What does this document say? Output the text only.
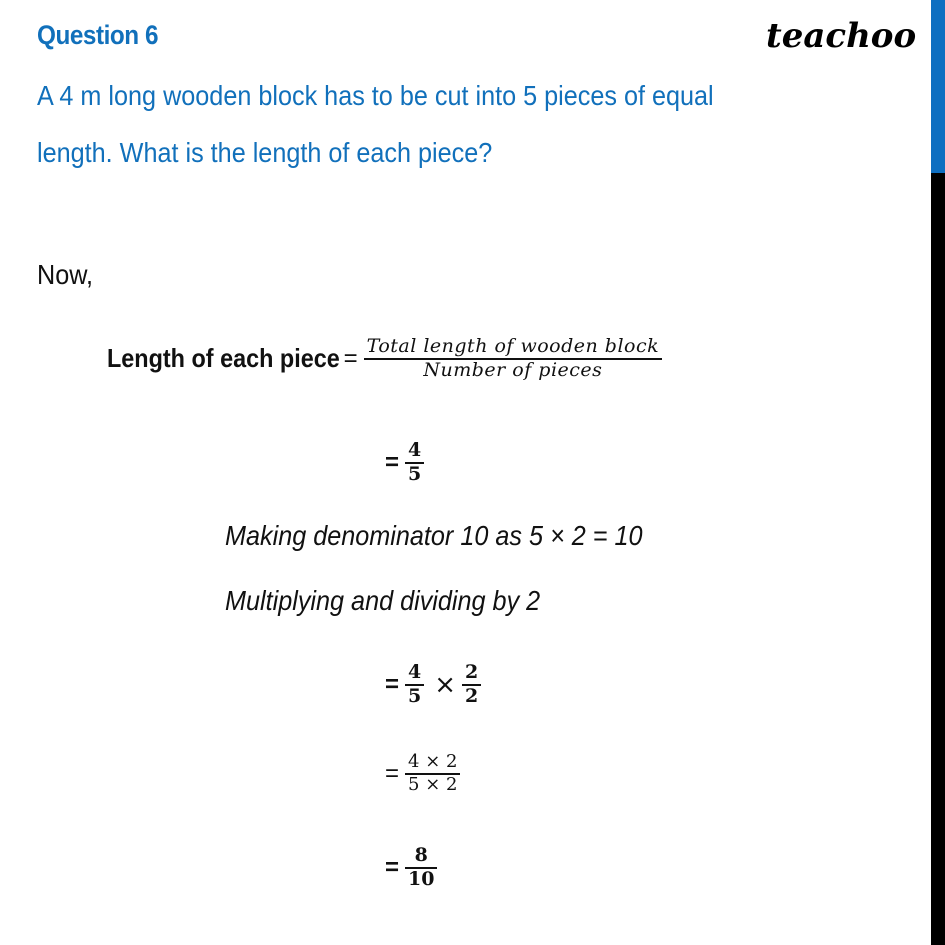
Question 6	teachoo
A 4 m long wooden block has to be cut into 5 pieces of equal
length. What is the length of each piece?
Now,
Length of each piece = $\frac{\text{Total length of wooden block}}{\text{Number of pieces}}$
= $\frac{4}{5}$
Making denominator 10 as 5 × 2 = 10
Multiplying and dividing by 2
= $\frac{4}{5} \times \frac{2}{2}$
= $\frac{4 \times 2}{5 \times 2}$
= $\frac{8}{10}$
